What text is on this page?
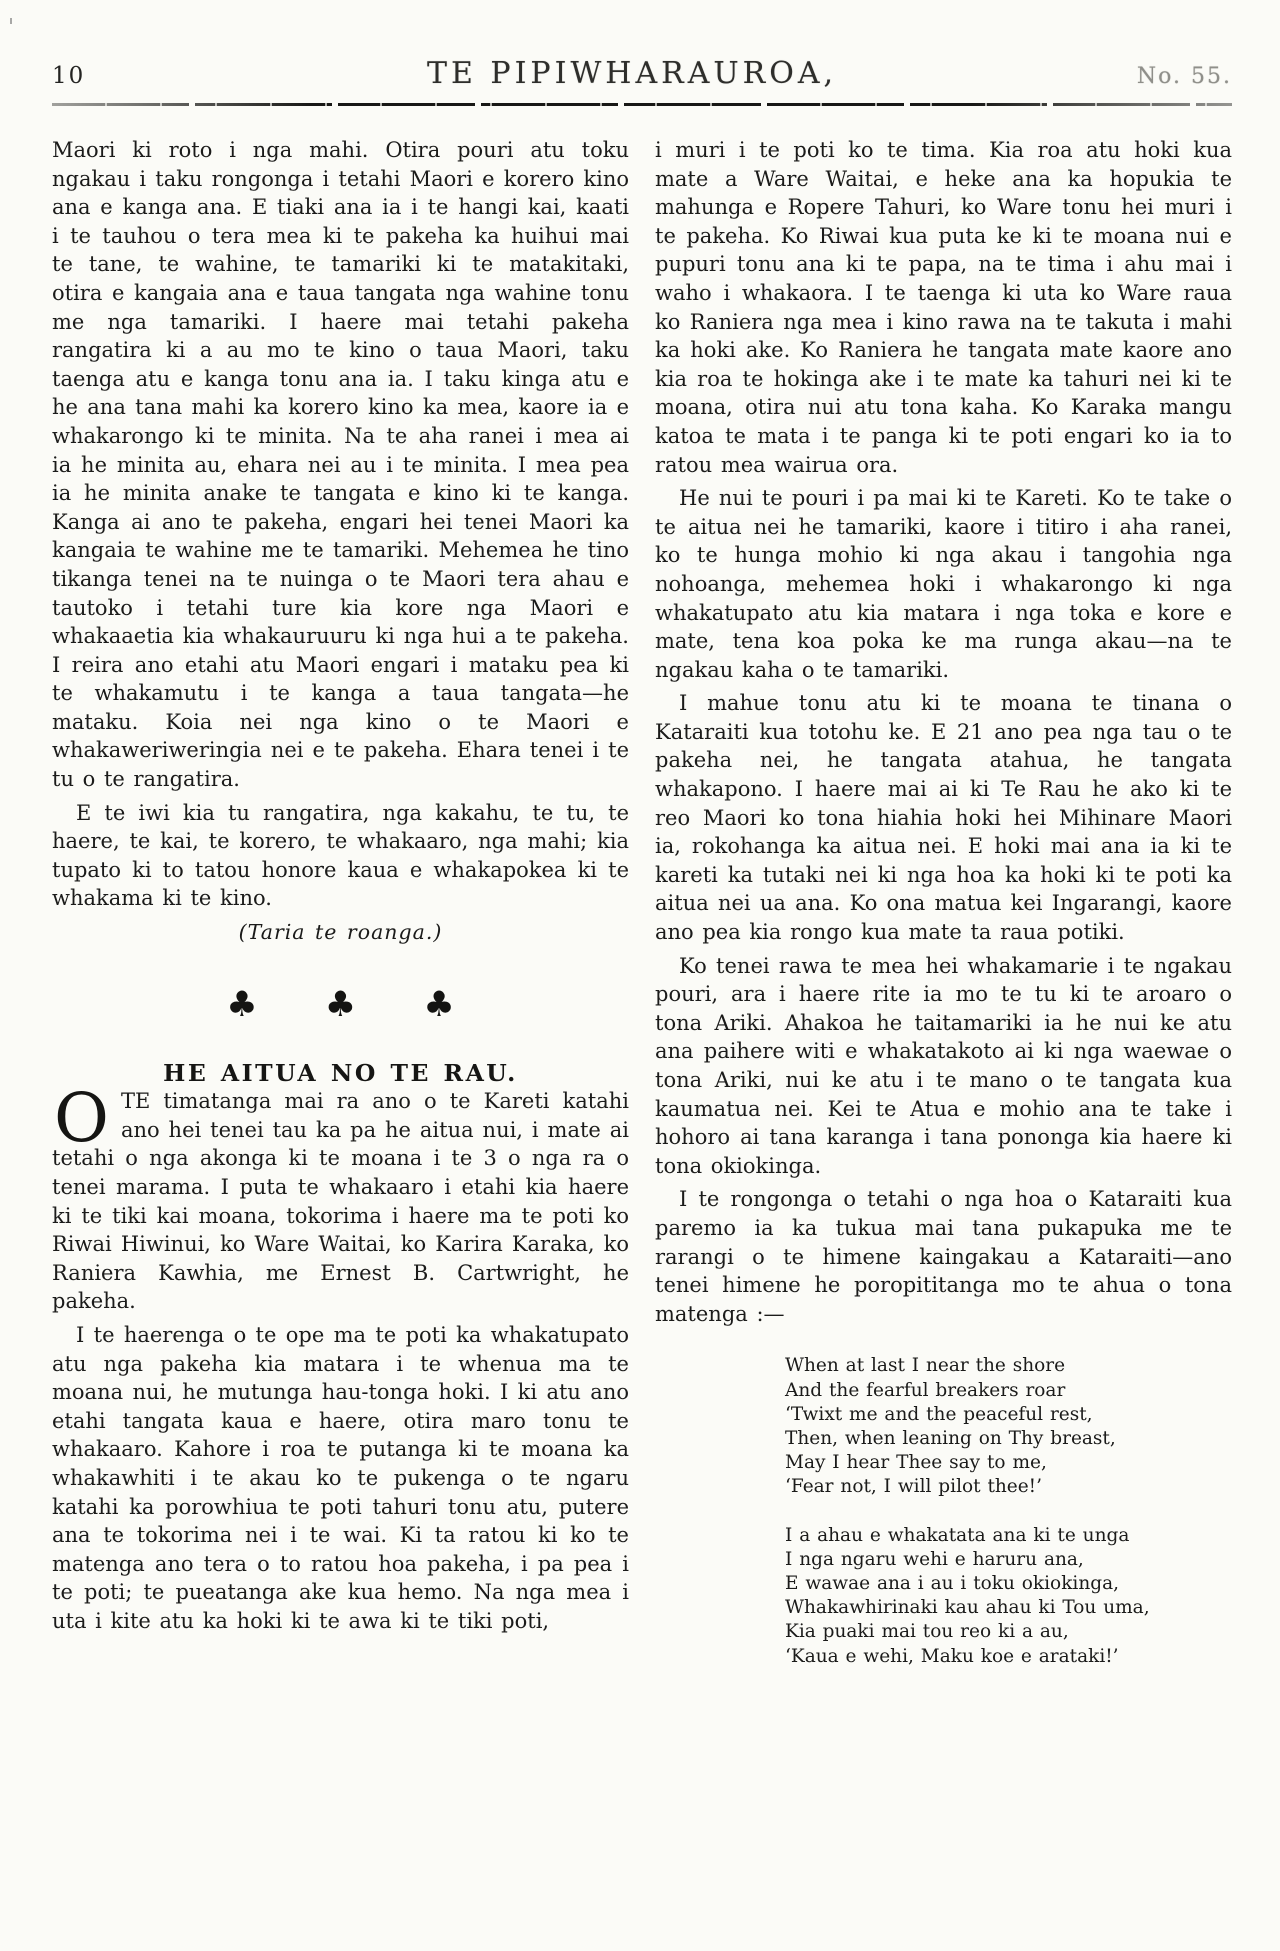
10	TE PIPIWHARAUROA,	No. 55.

Maori ki roto i nga mahi. Otira pouri atu toku ngakau i taku rongonga i tetahi Maori e korero kino ana e kanga ana. E tiaki ana ia i te hangi kai, kaati i te tauhou o tera mea ki te pakeha ka huihui mai te tane, te wahine, te tamariki ki te matakitaki, otira e kangaia ana e taua tangata nga wahine tonu me nga tamariki. I haere mai tetahi pakeha rangatira ki a au mo te kino o taua Maori, taku taenga atu e kanga tonu ana ia. I taku kinga atu e he ana tana mahi ka korero kino ka mea, kaore ia e whakarongo ki te minita. Na te aha ranei i mea ai ia he minita au, ehara nei au i te minita. I mea pea ia he minita anake te tangata e kino ki te kanga. Kanga ai ano te pakeha, engari hei tenei Maori ka kangaia te wahine me te tamariki. Mehemea he tino tikanga tenei na te nuinga o te Maori tera ahau e tautoko i tetahi ture kia kore nga Maori e whakaaetia kia whakauruuru ki nga hui a te pakeha. I reira ano etahi atu Maori engari i mataku pea ki te whakamutu i te kanga a taua tangata—he mataku. Koia nei nga kino o te Maori e whakaweriweringia nei e te pakeha. Ehara tenei i te tu o te rangatira.

E te iwi kia tu rangatira, nga kakahu, te tu, te haere, te kai, te korero, te whakaaro, nga mahi; kia tupato ki to tatou honore kaua e whakapokea ki te whakama ki te kino.

(Taria te roanga.)

♣ ♣ ♣
HE AITUA NO TE RAU.

O TE timatanga mai ra ano o te Kareti katahi ano hei tenei tau ka pa he aitua nui, i mate ai tetahi o nga akonga ki te moana i te 3 o nga ra o tenei marama. I puta te whakaaro i etahi kia haere ki te tiki kai moana, tokorima i haere ma te poti ko Riwai Hiwinui, ko Ware Waitai, ko Karira Karaka, ko Raniera Kawhia, me Ernest B. Cartwright, he pakeha.

I te haerenga o te ope ma te poti ka whakatupato atu nga pakeha kia matara i te whenua ma te moana nui, he mutunga hau-tonga hoki. I ki atu ano etahi tangata kaua e haere, otira maro tonu te whakaaro. Kahore i roa te putanga ki te moana ka whakawhiti i te akau ko te pukenga o te ngaru katahi ka porowhiua te poti tahuri tonu atu, putere ana te tokorima nei i te wai. Ki ta ratou ki ko te matenga ano tera o to ratou hoa pakeha, i pa pea i te poti; te pueatanga ake kua hemo. Na nga mea i uta i kite atu ka hoki ki te awa ki te tiki poti,

i muri i te poti ko te tima. Kia roa atu hoki kua mate a Ware Waitai, e heke ana ka hopukia te mahunga e Ropere Tahuri, ko Ware tonu hei muri i te pakeha. Ko Riwai kua puta ke ki te moana nui e pupuri tonu ana ki te papa, na te tima i ahu mai i waho i whakaora. I te taenga ki uta ko Ware raua ko Raniera nga mea i kino rawa na te takuta i mahi ka hoki ake. Ko Raniera he tangata mate kaore ano kia roa te hokinga ake i te mate ka tahuri nei ki te moana, otira nui atu tona kaha. Ko Karaka mangu katoa te mata i te panga ki te poti engari ko ia to ratou mea wairua ora.

He nui te pouri i pa mai ki te Kareti. Ko te take o te aitua nei he tamariki, kaore i titiro i aha ranei, ko te hunga mohio ki nga akau i tangohia nga nohoanga, mehemea hoki i whakarongo ki nga whakatupato atu kia matara i nga toka e kore e mate, tena koa poka ke ma runga akau—na te ngakau kaha o te tamariki.

I mahue tonu atu ki te moana te tinana o Kataraiti kua totohu ke. E 21 ano pea nga tau o te pakeha nei, he tangata atahua, he tangata whakapono. I haere mai ai ki Te Rau he ako ki te reo Maori ko tona hiahia hoki hei Mihinare Maori ia, rokohanga ka aitua nei. E hoki mai ana ia ki te kareti ka tutaki nei ki nga hoa ka hoki ki te poti ka aitua nei ua ana. Ko ona matua kei Ingarangi, kaore ano pea kia rongo kua mate ta raua potiki.

Ko tenei rawa te mea hei whakamarie i te ngakau pouri, ara i haere rite ia mo te tu ki te aroaro o tona Ariki. Ahakoa he taitamariki ia he nui ke atu ana paihere witi e whakatakoto ai ki nga waewae o tona Ariki, nui ke atu i te mano o te tangata kua kaumatua nei. Kei te Atua e mohio ana te take i hohoro ai tana karanga i tana pononga kia haere ki tona okiokinga.

I te rongonga o tetahi o nga hoa o Kataraiti kua paremo ia ka tukua mai tana pukapuka me te rarangi o te himene kaingakau a Kataraiti—ano tenei himene he poropititanga mo te ahua o tona matenga :—

When at last I near the shore
And the fearful breakers roar
‘Twixt me and the peaceful rest,
Then, when leaning on Thy breast,
May I hear Thee say to me,
‘Fear not, I will pilot thee!’
I a ahau e whakatata ana ki te unga
I nga ngaru wehi e haruru ana,
E wawae ana i au i toku okiokinga,
Whakawhirinaki kau ahau ki Tou uma,
Kia puaki mai tou reo ki a au,
‘Kaua e wehi, Maku koe e arataki!’
